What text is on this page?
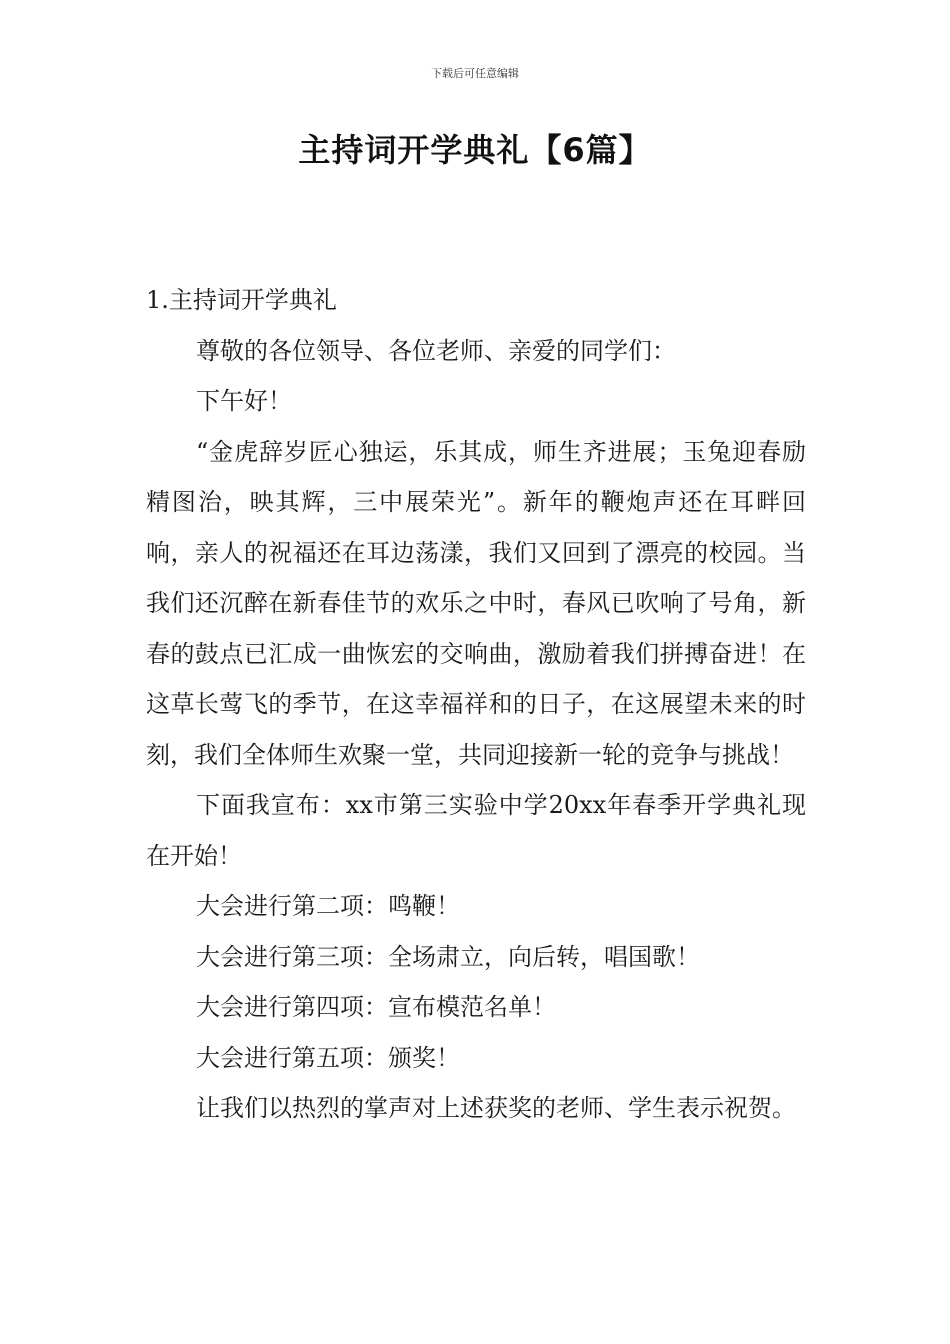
下载后可任意编辑
主持词开学典礼【6篇】

1.主持词开学典礼

尊敬的各位领导、各位老师、亲爱的同学们：

下午好！

“金虎辞岁匠心独运，乐其成，师生齐进展；玉兔迎春励精图治，映其辉，三中展荣光”。新年的鞭炮声还在耳畔回响，亲人的祝福还在耳边荡漾，我们又回到了漂亮的校园。当我们还沉醉在新春佳节的欢乐之中时，春风已吹响了号角，新春的鼓点已汇成一曲恢宏的交响曲，激励着我们拼搏奋进！在这草长莺飞的季节，在这幸福祥和的日子，在这展望未来的时刻，我们全体师生欢聚一堂，共同迎接新一轮的竞争与挑战！

下面我宣布：xx市第三实验中学20xx年春季开学典礼现在开始！

大会进行第二项：鸣鞭！

大会进行第三项：全场肃立，向后转，唱国歌！

大会进行第四项：宣布模范名单！

大会进行第五项：颁奖！

让我们以热烈的掌声对上述获奖的老师、学生表示祝贺。
